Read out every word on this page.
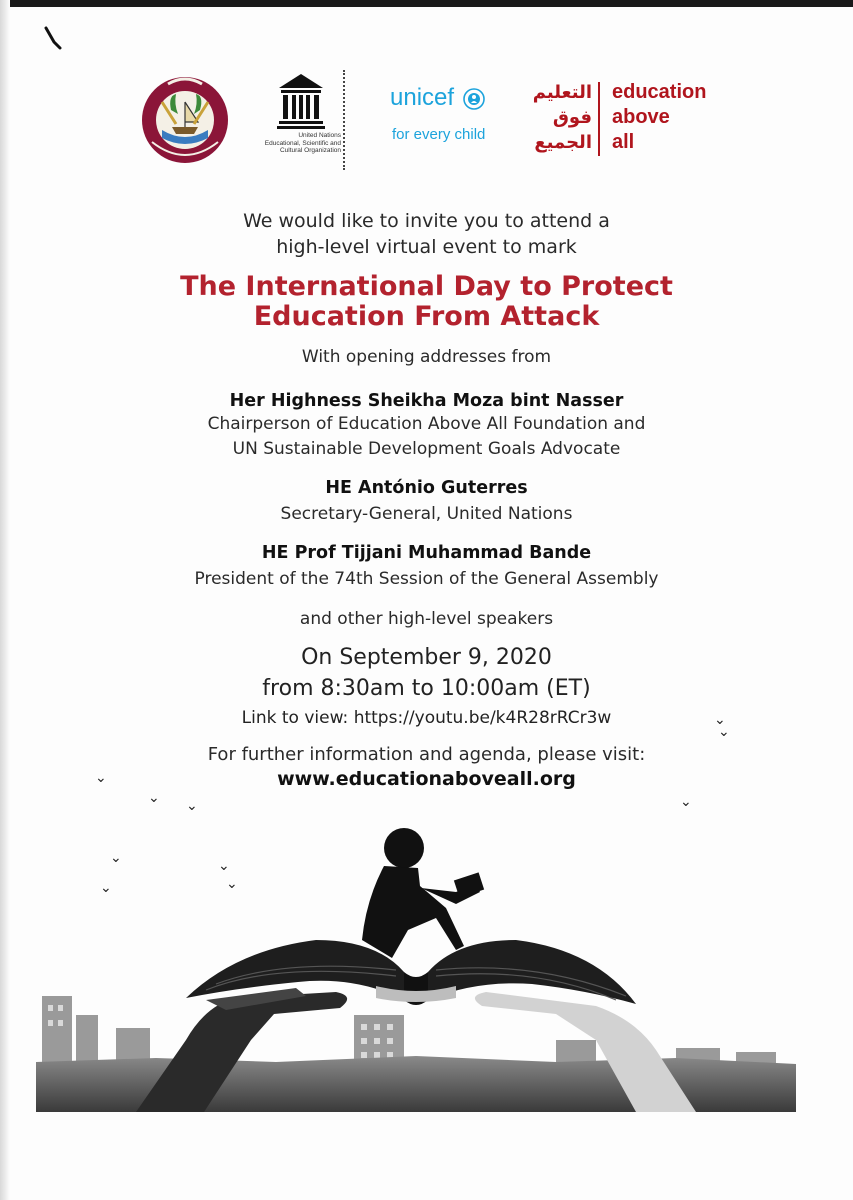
United Nations
Educational, Scientific and
Cultural Organization
unicef
for every child
التعليم
فوق
الجميع
education
above
all
We would like to invite you to attend a
high-level virtual event to mark
The International Day to Protect
Education From Attack
With opening addresses from
Her Highness Sheikha Moza bint Nasser
Chairperson of Education Above All Foundation and
UN Sustainable Development Goals Advocate
HE António Guterres
Secretary-General, United Nations
HE Prof Tijjani Muhammad Bande
President of the 74th Session of the General Assembly
and other high-level speakers
On September 9, 2020
from 8:30am to 10:00am (ET)
Link to view: https://youtu.be/k4R28rRCr3w
For further information and agenda, please visit:
www.educationaboveall.org
⌄
⌄ ⌄	⌄
⌄
⌄
⌄
⌄
⌄
⌄
